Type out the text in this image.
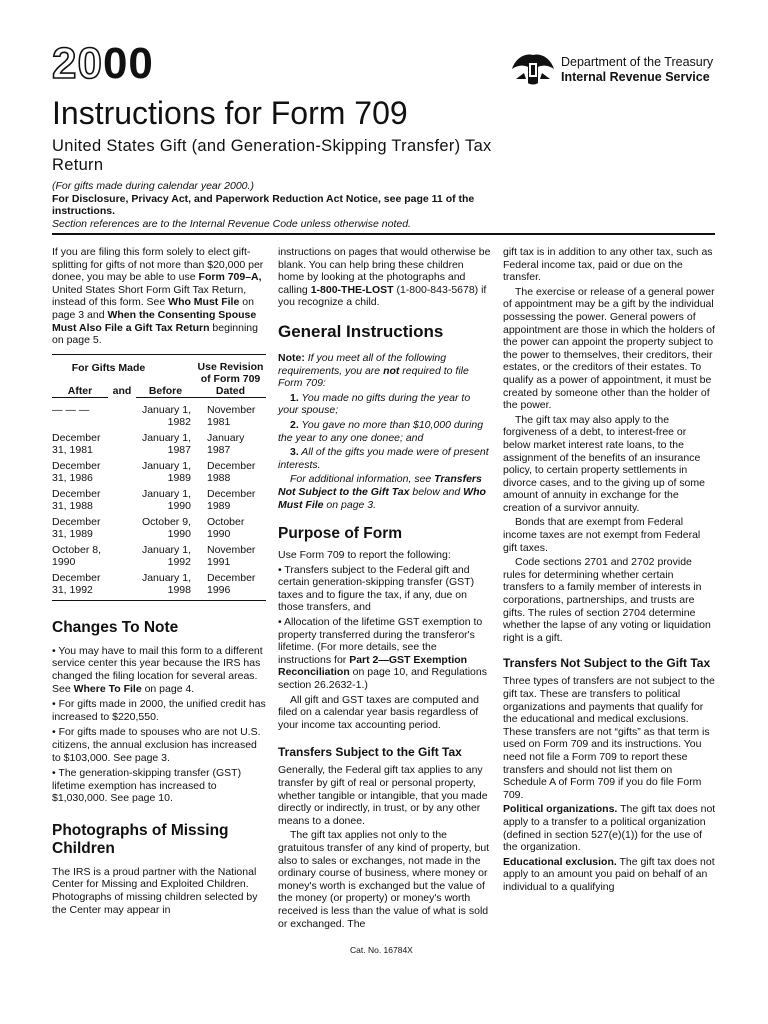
2000	Department of the Treasury
Internal Revenue Service
Instructions for Form 709
United States Gift (and Generation-Skipping Transfer) Tax Return
(For gifts made during calendar year 2000.)
For Disclosure, Privacy Act, and Paperwork Reduction Act Notice, see page 11 of the instructions.
Section references are to the Internal Revenue Code unless otherwise noted.

If you are filing this form solely to elect gift-splitting for gifts of not more than $20,000 per donee, you may be able to use Form 709–A, United States Short Form Gift Tax Return, instead of this form. See Who Must File on page 3 and When the Consenting Spouse Must Also File a Gift Tax Return beginning on page 5.

For Gifts Made			Use Revision of Form 709 Dated
After	and	Before	
— — —		January 1, 1982	November 1981
December 31, 1981		January 1, 1987	January 1987
December 31, 1986		January 1, 1989	December 1988
December 31, 1988		January 1, 1990	December 1989
December 31, 1989		October 9, 1990	October 1990
October 8, 1990		January 1, 1992	November 1991
December 31, 1992		January 1, 1998	December 1996
Changes To Note

• You may have to mail this form to a different service center this year because the IRS has changed the filing location for several areas. See Where To File on page 4.

• For gifts made in 2000, the unified credit has increased to $220,550.

• For gifts made to spouses who are not U.S. citizens, the annual exclusion has increased to $103,000. See page 3.

• The generation-skipping transfer (GST) lifetime exemption has increased to $1,030,000. See page 10.

Photographs of Missing Children

The IRS is a proud partner with the National Center for Missing and Exploited Children. Photographs of missing children selected by the Center may appear in

instructions on pages that would otherwise be blank. You can help bring these children home by looking at the photographs and calling 1-800-THE-LOST (1-800-843-5678) if you recognize a child.

General Instructions

Note: If you meet all of the following requirements, you are not required to file Form 709:

1. You made no gifts during the year to your spouse;

2. You gave no more than $10,000 during the year to any one donee; and

3. All of the gifts you made were of present interests.

For additional information, see Transfers Not Subject to the Gift Tax below and Who Must File on page 3.

Purpose of Form

Use Form 709 to report the following:

• Transfers subject to the Federal gift and certain generation-skipping transfer (GST) taxes and to figure the tax, if any, due on those transfers, and

• Allocation of the lifetime GST exemption to property transferred during the transferor's lifetime. (For more details, see the instructions for Part 2—GST Exemption Reconciliation on page 10, and Regulations section 26.2632-1.)

All gift and GST taxes are computed and filed on a calendar year basis regardless of your income tax accounting period.

Transfers Subject to the Gift Tax

Generally, the Federal gift tax applies to any transfer by gift of real or personal property, whether tangible or intangible, that you made directly or indirectly, in trust, or by any other means to a donee.

The gift tax applies not only to the gratuitous transfer of any kind of property, but also to sales or exchanges, not made in the ordinary course of business, where money or money's worth is exchanged but the value of the money (or property) or money's worth received is less than the value of what is sold or exchanged. The

gift tax is in addition to any other tax, such as Federal income tax, paid or due on the transfer.

The exercise or release of a general power of appointment may be a gift by the individual possessing the power. General powers of appointment are those in which the holders of the power can appoint the property subject to the power to themselves, their creditors, their estates, or the creditors of their estates. To qualify as a power of appointment, it must be created by someone other than the holder of the power.

The gift tax may also apply to the forgiveness of a debt, to interest-free or below market interest rate loans, to the assignment of the benefits of an insurance policy, to certain property settlements in divorce cases, and to the giving up of some amount of annuity in exchange for the creation of a survivor annuity.

Bonds that are exempt from Federal income taxes are not exempt from Federal gift taxes.

Code sections 2701 and 2702 provide rules for determining whether certain transfers to a family member of interests in corporations, partnerships, and trusts are gifts. The rules of section 2704 determine whether the lapse of any voting or liquidation right is a gift.

Transfers Not Subject to the Gift Tax

Three types of transfers are not subject to the gift tax. These are transfers to political organizations and payments that qualify for the educational and medical exclusions. These transfers are not “gifts” as that term is used on Form 709 and its instructions. You need not file a Form 709 to report these transfers and should not list them on Schedule A of Form 709 if you do file Form 709.

Political organizations. The gift tax does not apply to a transfer to a political organization (defined in section 527(e)(1)) for the use of the organization.

Educational exclusion. The gift tax does not apply to an amount you paid on behalf of an individual to a qualifying

Cat. No. 16784X
